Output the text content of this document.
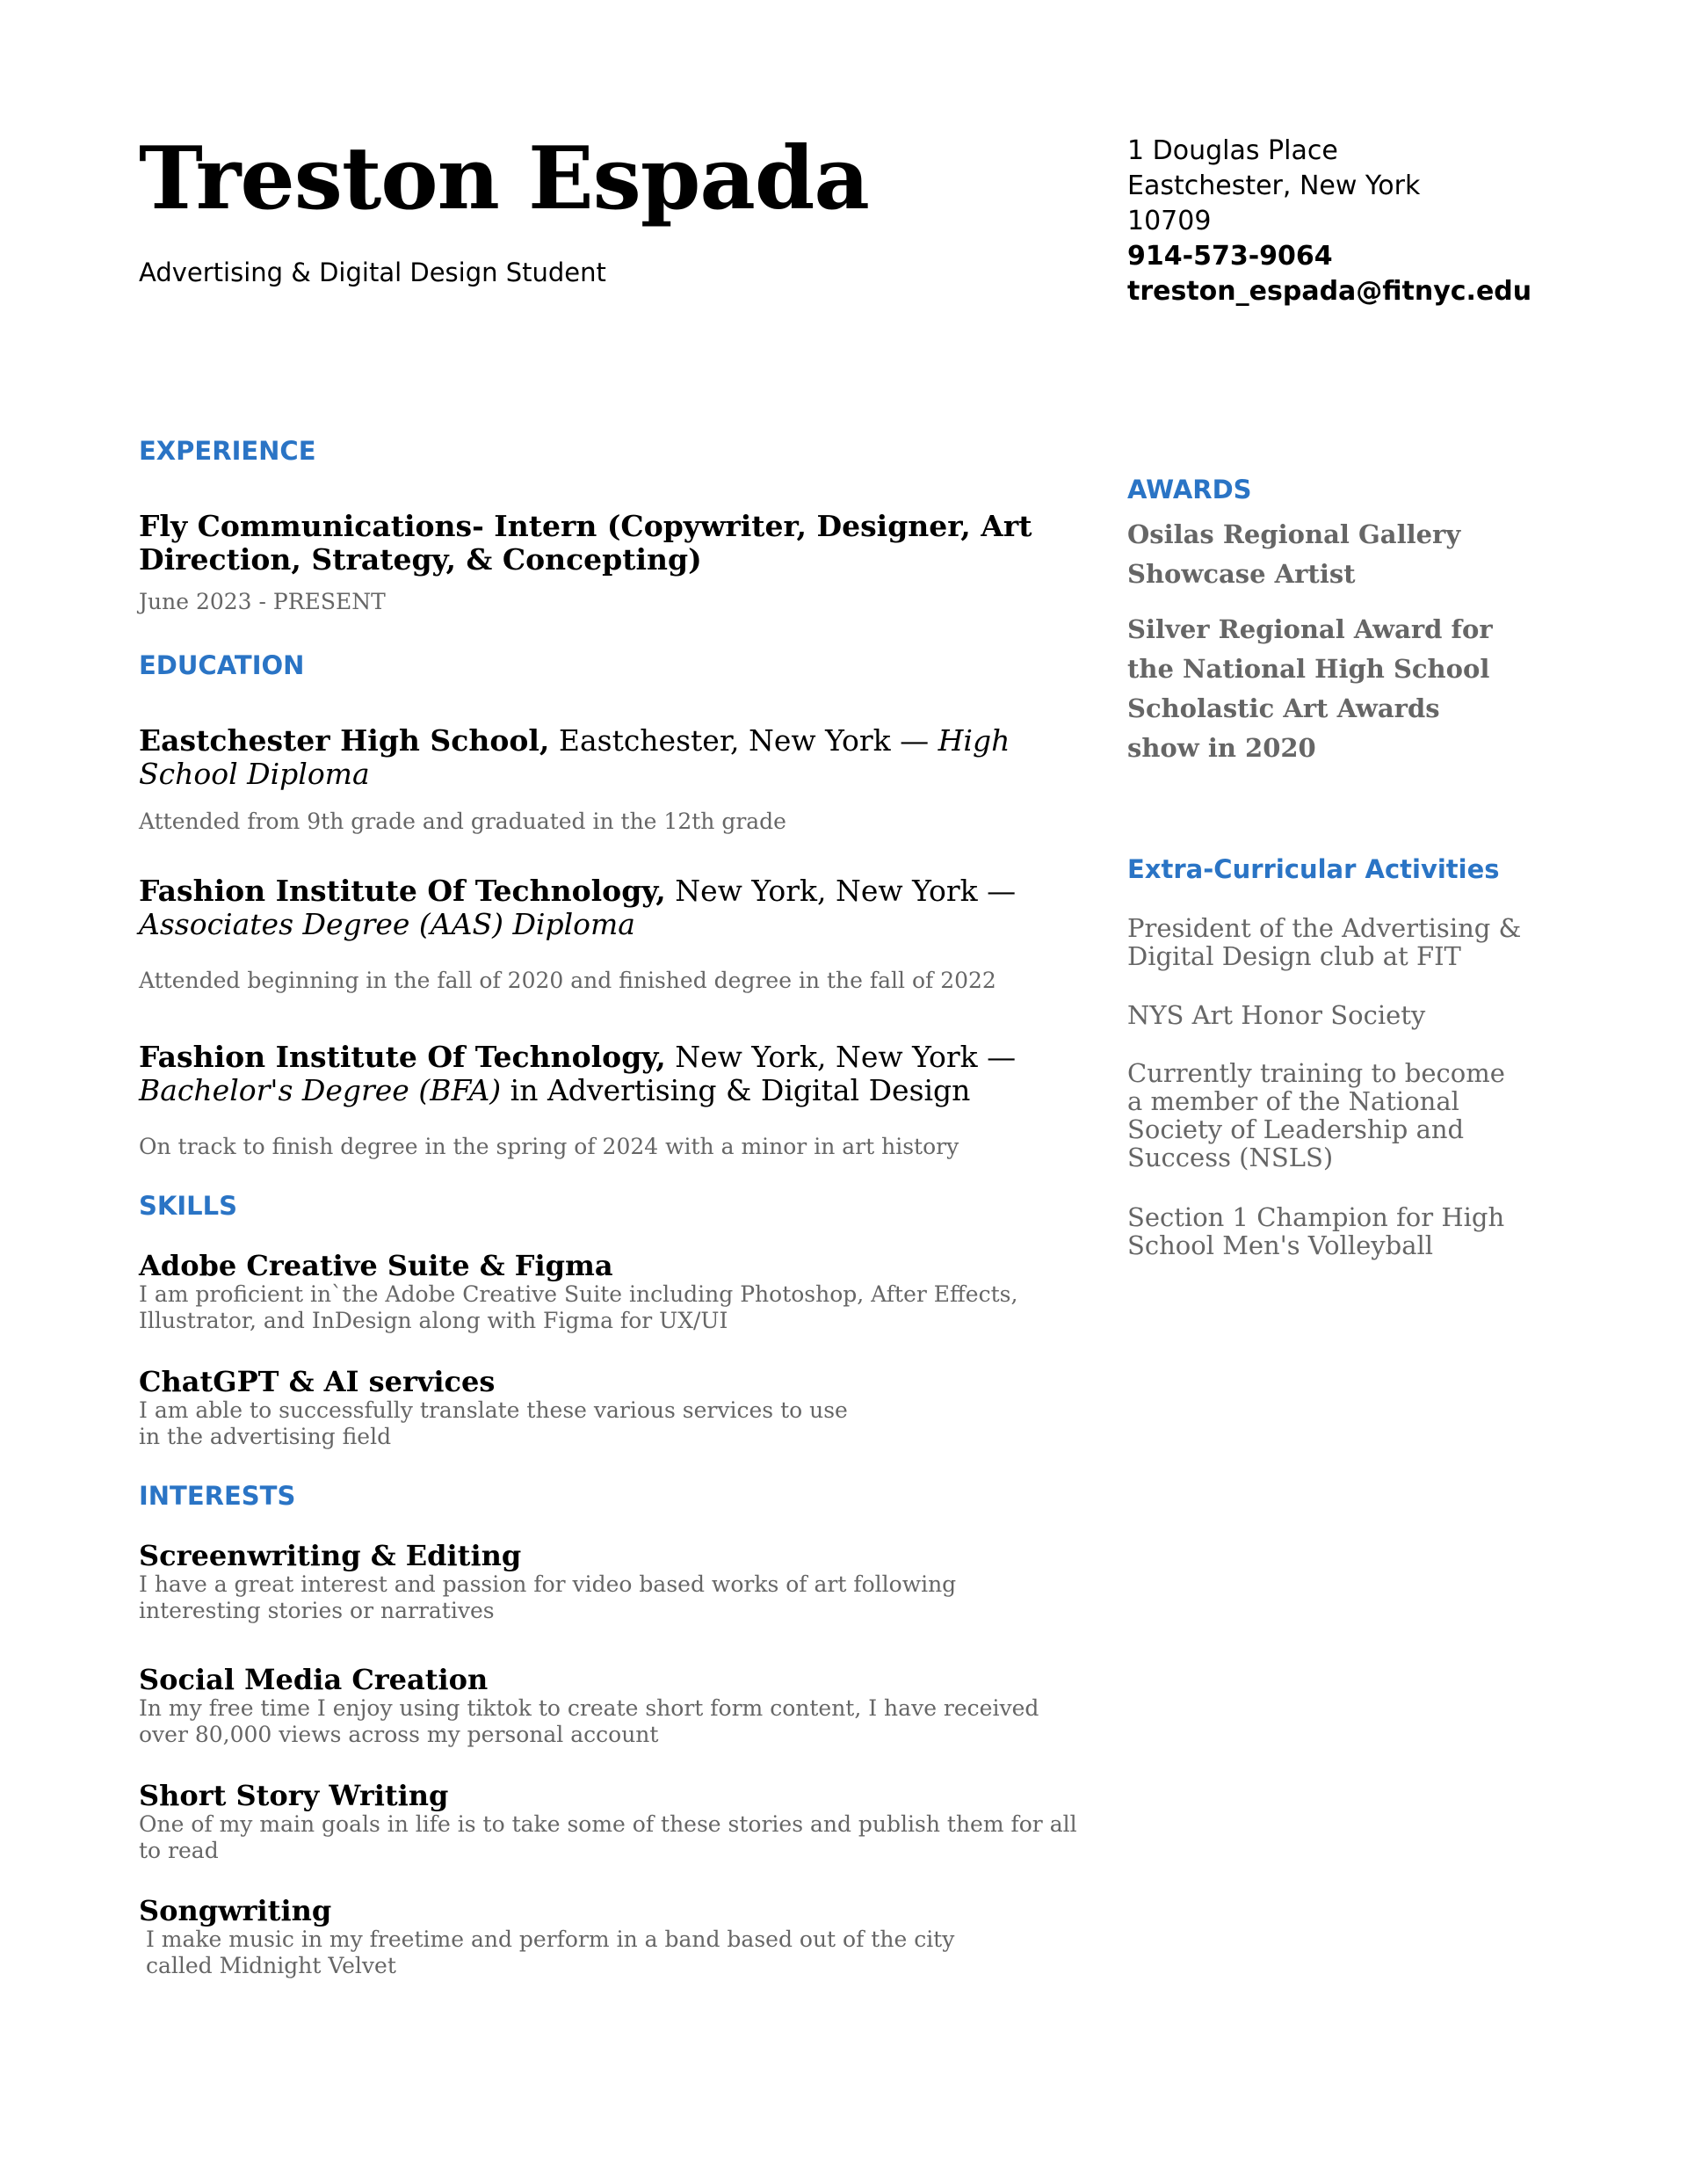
Treston Espada
Advertising & Digital Design Student
1 Douglas Place
Eastchester, New York
10709
914-573-9064
treston_espada@fitnyc.edu
EXPERIENCE
Fly Communications- Intern (Copywriter, Designer, Art
Direction, Strategy, & Concepting)
June 2023 - PRESENT
EDUCATION
Eastchester High School, Eastchester, New York — High School Diploma
Attended from 9th grade and graduated in the 12th grade
Fashion Institute Of Technology, New York, New York — Associates Degree (AAS) Diploma
Attended beginning in the fall of 2020 and finished degree in the fall of 2022
Fashion Institute Of Technology, New York, New York — Bachelor's Degree (BFA) in Advertising & Digital Design
On track to finish degree in the spring of 2024 with a minor in art history
SKILLS
Adobe Creative Suite & Figma
I am proficient in`the Adobe Creative Suite including Photoshop, After Effects,
Illustrator, and InDesign along with Figma for UX/UI
ChatGPT & AI services
I am able to successfully translate these various services to use
in the advertising field
INTERESTS
Screenwriting & Editing
I have a great interest and passion for video based works of art following
interesting stories or narratives
Social Media Creation
In my free time I enjoy using tiktok to create short form content, I have received
over 80,000 views across my personal account
Short Story Writing
One of my main goals in life is to take some of these stories and publish them for all
to read
Songwriting
I make music in my freetime and perform in a band based out of the city
called Midnight Velvet
AWARDS
Osilas Regional Gallery Showcase Artist
Silver Regional Award for the National High School Scholastic Art Awards show in 2020
Extra-Curricular Activities
President of the Advertising & Digital Design club at FIT
NYS Art Honor Society
Currently training to become a member of the National Society of Leadership and Success (NSLS)
Section 1 Champion for High School Men's Volleyball
